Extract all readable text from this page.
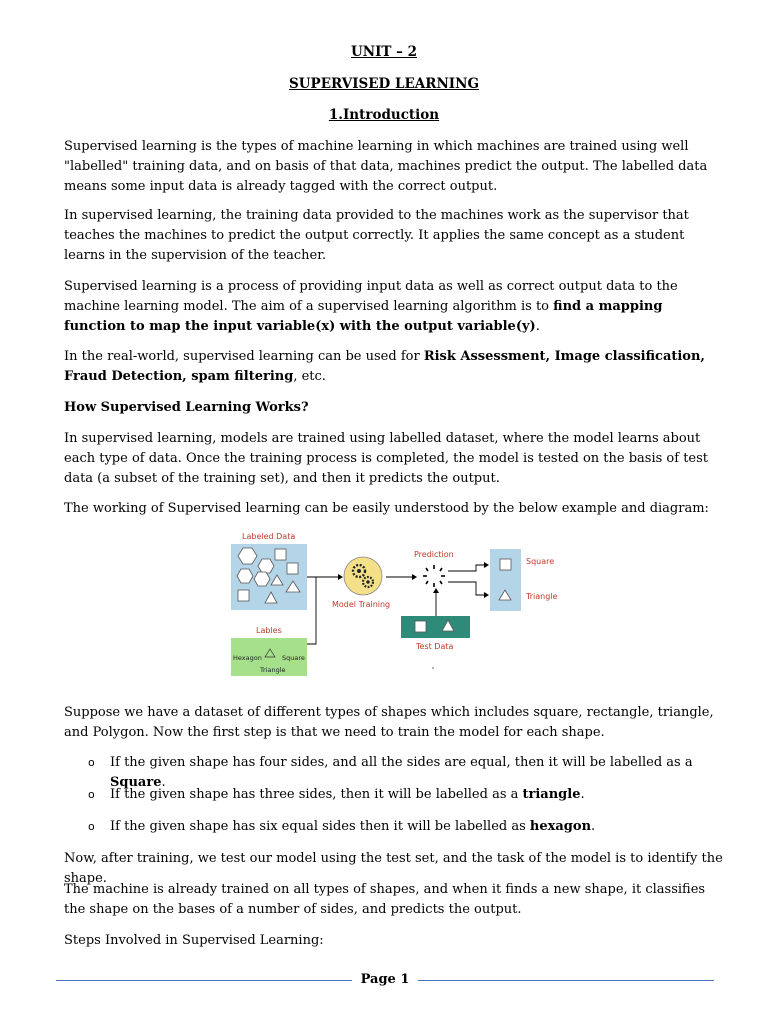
UNIT – 2
SUPERVISED LEARNING
1.Introduction

Supervised learning is the types of machine learning in which machines are trained using well "labelled" training data, and on basis of that data, machines predict the output. The labelled data means some input data is already tagged with the correct output.

In supervised learning, the training data provided to the machines work as the supervisor that teaches the machines to predict the output correctly. It applies the same concept as a student learns in the supervision of the teacher.

Supervised learning is a process of providing input data as well as correct output data to the machine learning model. The aim of a supervised learning algorithm is to find a mapping function to map the input variable(x) with the output variable(y).

In the real-world, supervised learning can be used for Risk Assessment, Image classification, Fraud Detection, spam filtering, etc.

How Supervised Learning Works?

In supervised learning, models are trained using labelled dataset, where the model learns about each type of data. Once the training process is completed, the model is tested on the basis of test data (a subset of the training set), and then it predicts the output.

The working of Supervised learning can be easily understood by the below example and diagram:

Labeled Data
Model Training
Prediction
Square
Triangle
Test Data
Lables
Hexagon	Square
Triangle

Suppose we have a dataset of different types of shapes which includes square, rectangle, triangle, and Polygon. Now the first step is that we need to train the model for each shape.

o If the given shape has four sides, and all the sides are equal, then it will be labelled as a Square.
o If the given shape has three sides, then it will be labelled as a triangle.
o If the given shape has six equal sides then it will be labelled as hexagon.

Now, after training, we test our model using the test set, and the task of the model is to identify the shape.

The machine is already trained on all types of shapes, and when it finds a new shape, it classifies the shape on the bases of a number of sides, and predicts the output.

Steps Involved in Supervised Learning:

Page 1
